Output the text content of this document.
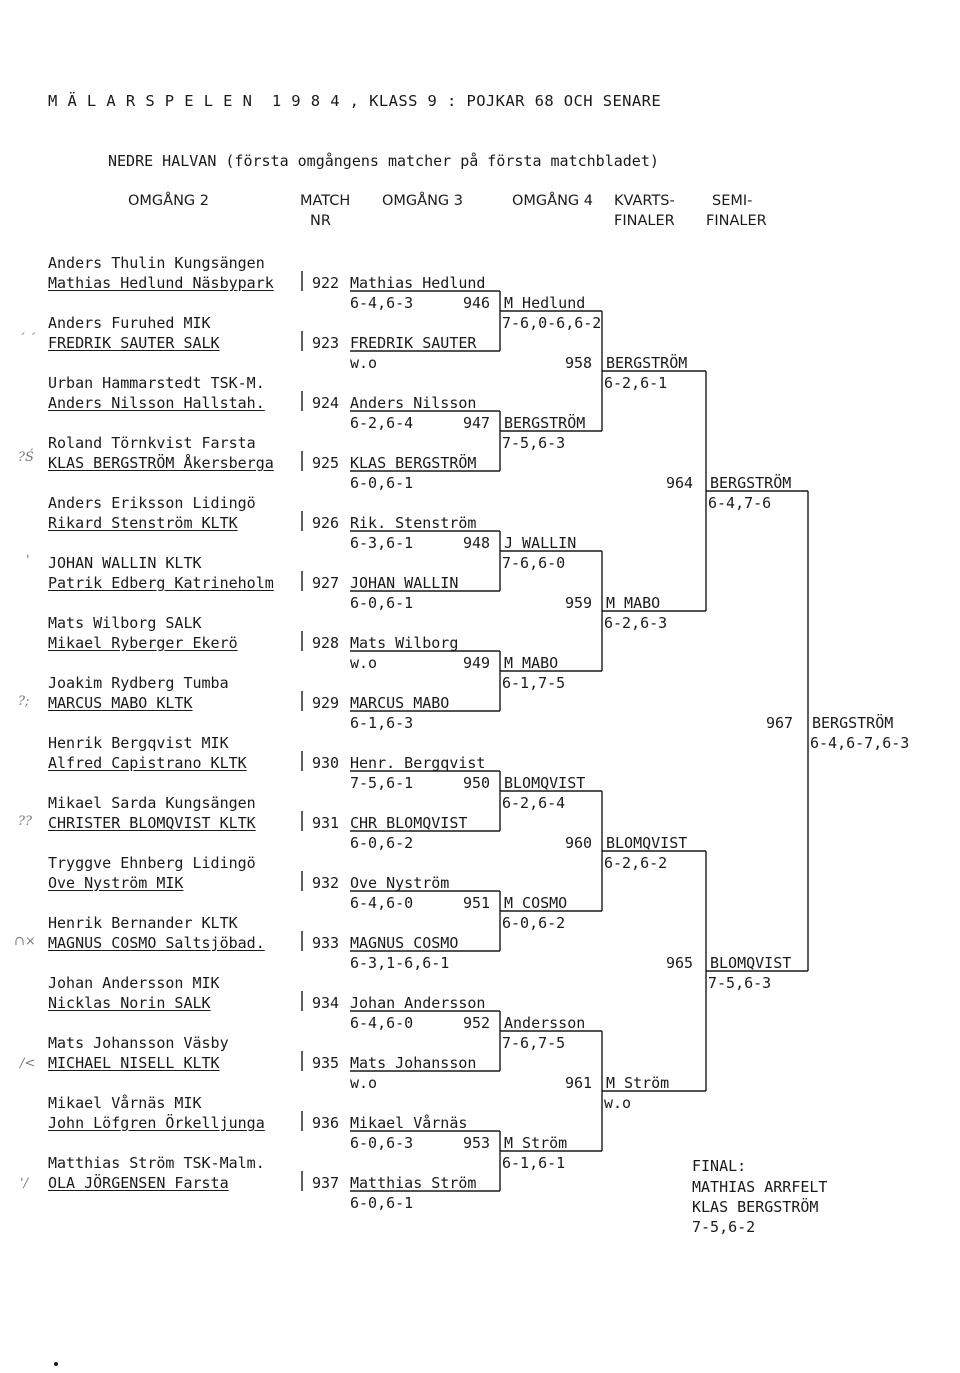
M Ä L A R S P E L E N  1 9 8 4 , KLASS 9 : POJKAR 68 OCH SENARE
NEDRE HALVAN (första omgångens matcher på första matchbladet)
OMGÅNG 2	MATCH
NR
OMGÅNG 3	OMGÅNG 4 KVARTS-
FINALER
SEMI-
FINALER
Anders Thulin Kungsängen
Mathias Hedlund Näsbypark	922 Mathias Hedlund
6-4,6-3
Anders Furuhed MIK
FREDRIK SAUTER SALK	923 FREDRIK SAUTER
w.o
Urban Hammarstedt TSK-M.
Anders Nilsson Hallstah.	924 Anders Nilsson
6-2,6-4
Roland Törnkvist Farsta
KLAS BERGSTRÖM Åkersberga	925 KLAS BERGSTRÖM
6-0,6-1
Anders Eriksson Lidingö
Rikard Stenström KLTK	926 Rik. Stenström
6-3,6-1
JOHAN WALLIN KLTK
Patrik Edberg Katrineholm	927 JOHAN WALLIN
6-0,6-1
Mats Wilborg SALK
Mikael Ryberger Ekerö	928 Mats Wilborg
w.o
Joakim Rydberg Tumba
MARCUS MABO KLTK	929 MARCUS MABO
6-1,6-3
Henrik Bergqvist MIK
Alfred Capistrano KLTK	930 Henr. Bergqvist
7-5,6-1
Mikael Sarda Kungsängen
CHRISTER BLOMQVIST KLTK	931 CHR BLOMQVIST
6-0,6-2
Tryggve Ehnberg Lidingö
Ove Nyström MIK	932 Ove Nyström
6-4,6-0
Henrik Bernander KLTK
MAGNUS COSMO Saltsjöbad.	933 MAGNUS COSMO
6-3,1-6,6-1
Johan Andersson MIK
Nicklas Norin SALK	934 Johan Andersson
6-4,6-0
Mats Johansson Väsby
MICHAEL NISELL KLTK	935 Mats Johansson
w.o
Mikael Vårnäs MIK
John Löfgren Örkelljunga	936 Mikael Vårnäs
6-0,6-3
Matthias Ström TSK-Malm.
OLA JÖRGENSEN Farsta	937 Matthias Ström
6-0,6-1
946 M Hedlund
7-6,0-6,6-2
947 BERGSTRÖM
7-5,6-3
948 J WALLIN
7-6,6-0
949 M MABO
6-1,7-5
950 BLOMQVIST
6-2,6-4
951 M COSMO
6-0,6-2
952 Andersson
7-6,7-5
953 M Ström
6-1,6-1
958 BERGSTRÖM
6-2,6-1
959 M MABO
6-2,6-3
960 BLOMQVIST
6-2,6-2
961 M Ström
w.o
964 BERGSTRÖM
6-4,7-6
965 BLOMQVIST
7-5,6-3
967 BERGSTRÖM
6-4,6-7,6-3
FINAL:
MATHIAS ARRFELT
KLAS BERGSTRÖM
7-5,6-2
´ ´
?Ś
'
?;
??
∩×
/<
'/
